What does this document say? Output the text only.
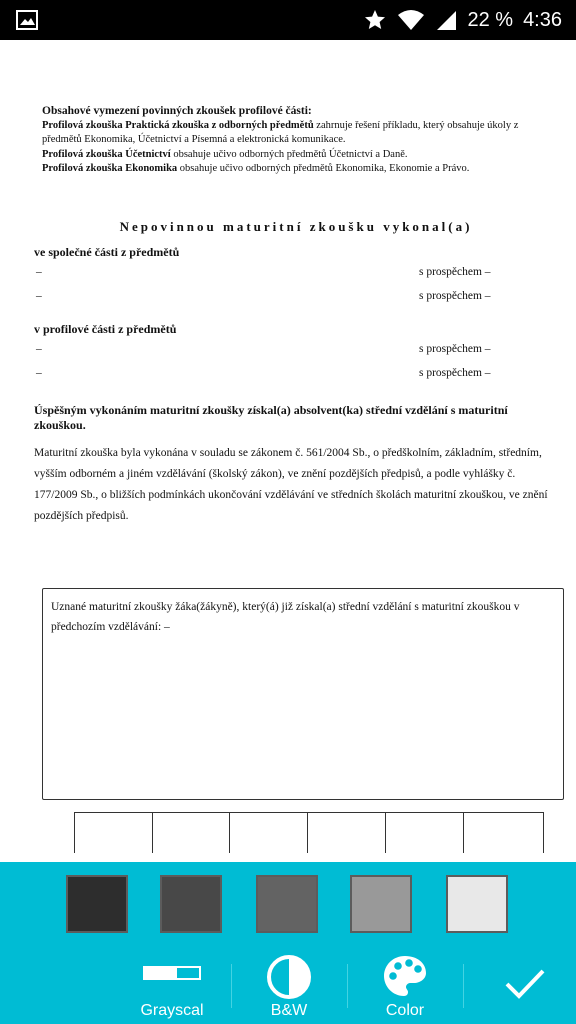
22 % 4:36
Obsahové vymezení povinných zkoušek profilové části:
Profilová zkouška Praktická zkouška z odborných předmětů zahrnuje řešení příkladu, který obsahuje úkoly z předmětů Ekonomika, Účetnictví a Písemná a elektronická komunikace.
Profilová zkouška Účetnictví obsahuje učivo odborných předmětů Účetnictví a Daně.
Profilová zkouška Ekonomika obsahuje učivo odborných předmětů Ekonomika, Ekonomie a Právo.
Nepovinnou maturitní zkoušku vykonal(a)
ve společné části z předmětů
–	s prospěchem –
–	s prospěchem –
v profilové části z předmětů
–	s prospěchem –
–	s prospěchem –
Úspěšným vykonáním maturitní zkoušky získal(a) absolvent(ka) střední vzdělání s maturitní zkouškou.
Maturitní zkouška byla vykonána v souladu se zákonem č. 561/2004 Sb., o předškolním, základním, středním, vyšším odborném a jiném vzdělávání (školský zákon), ve znění pozdějších předpisů, a podle vyhlášky č. 177/2009 Sb., o bližších podmínkách ukončování vzdělávání ve středních školách maturitní zkouškou, ve znění pozdějších předpisů.
Uznané maturitní zkoušky žáka(žákyně), který(á) již získal(a) střední vzdělání s maturitní zkouškou v předchozím vzdělávání: –
Grayscal	B&W	Color
